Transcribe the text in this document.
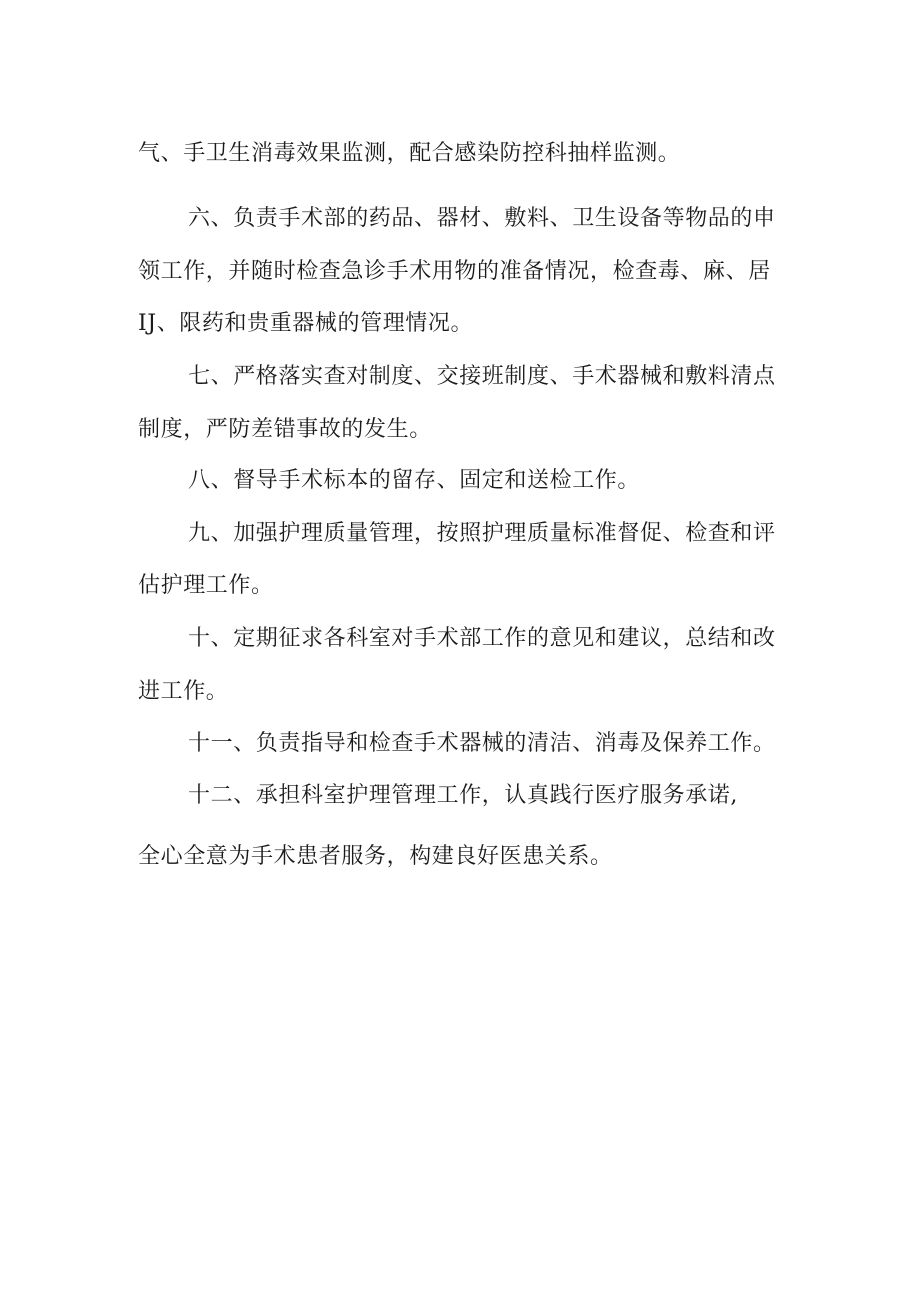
气、手卫生消毒效果监测，配合感染防控科抽样监测。

六、负责手术部的药品、器材、敷料、卫生设备等物品的申

领工作，并随时检查急诊手术用物的准备情况，检查毒、麻、居

IJ、限药和贵重器械的管理情况。

七、严格落实查对制度、交接班制度、手术器械和敷料清点

制度，严防差错事故的发生。

八、督导手术标本的留存、固定和送检工作。

九、加强护理质量管理，按照护理质量标准督促、检查和评

估护理工作。

十、定期征求各科室对手术部工作的意见和建议，总结和改

进工作。

十一、负责指导和检查手术器械的清洁、消毒及保养工作。

十二、承担科室护理管理工作，认真践行医疗服务承诺,

全心全意为手术患者服务，构建良好医患关系。
